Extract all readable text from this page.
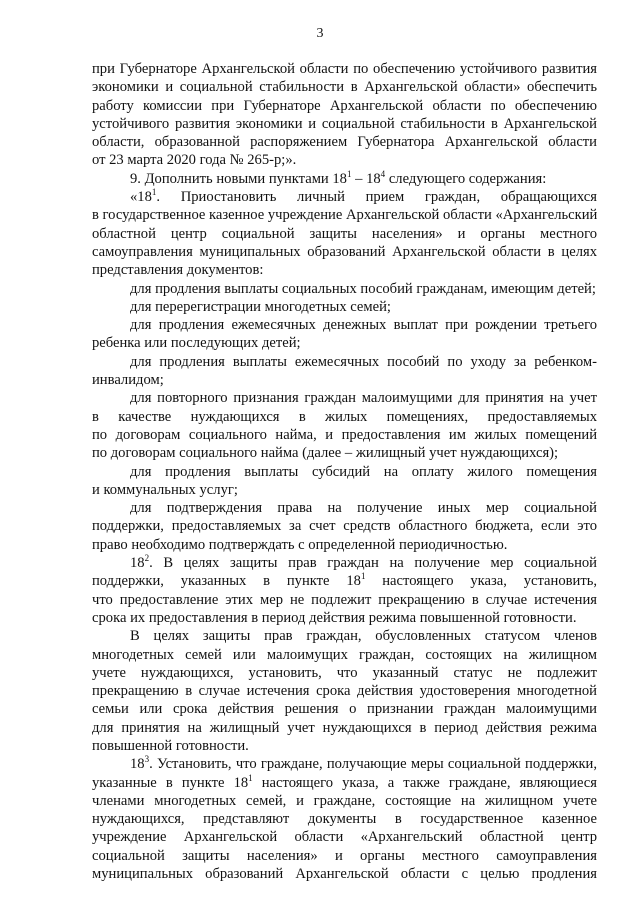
3
при Губернаторе Архангельской области по обеспечению устойчивого развития
экономики и социальной стабильности в Архангельской области» обеспечить
работу комиссии при Губернаторе Архангельской области по обеспечению
устойчивого развития экономики и социальной стабильности в Архангельской
области, образованной распоряжением Губернатора Архангельской области
от 23 марта 2020 года № 265-р;».
9. Дополнить новыми пунктами $18^1 - 18^4$ следующего содержания:
«$18^1$. Приостановить личный прием граждан, обращающихся
в государственное казенное учреждение Архангельской области «Архангельский
областной центр социальной защиты населения» и органы местного
самоуправления муниципальных образований Архангельской области в целях
представления документов:
для продления выплаты социальных пособий гражданам, имеющим детей;
для перерегистрации многодетных семей;
для продления ежемесячных денежных выплат при рождении третьего
ребенка или последующих детей;
для продления выплаты ежемесячных пособий по уходу за ребенком-
инвалидом;
для повторного признания граждан малоимущими для принятия на учет
в качестве нуждающихся в жилых помещениях, предоставляемых
по договорам социального найма, и предоставления им жилых помещений
по договорам социального найма (далее – жилищный учет нуждающихся);
для продления выплаты субсидий на оплату жилого помещения
и коммунальных услуг;
для подтверждения права на получение иных мер социальной
поддержки, предоставляемых за счет средств областного бюджета, если это
право необходимо подтверждать с определенной периодичностью.
$18^2$. В целях защиты прав граждан на получение мер социальной
поддержки, указанных в пункте $18^1$ настоящего указа, установить,
что предоставление этих мер не подлежит прекращению в случае истечения
срока их предоставления в период действия режима повышенной готовности.
В целях защиты прав граждан, обусловленных статусом членов
многодетных семей или малоимущих граждан, состоящих на жилищном
учете нуждающихся, установить, что указанный статус не подлежит
прекращению в случае истечения срока действия удостоверения многодетной
семьи или срока действия решения о признании граждан малоимущими
для принятия на жилищный учет нуждающихся в период действия режима
повышенной готовности.
$18^3$. Установить, что граждане, получающие меры социальной поддержки,
указанные в пункте $18^1$ настоящего указа, а также граждане, являющиеся
членами многодетных семей, и граждане, состоящие на жилищном учете
нуждающихся, представляют документы в государственное казенное
учреждение Архангельской области «Архангельский областной центр
социальной защиты населения» и органы местного самоуправления
муниципальных образований Архангельской области с целью продления
